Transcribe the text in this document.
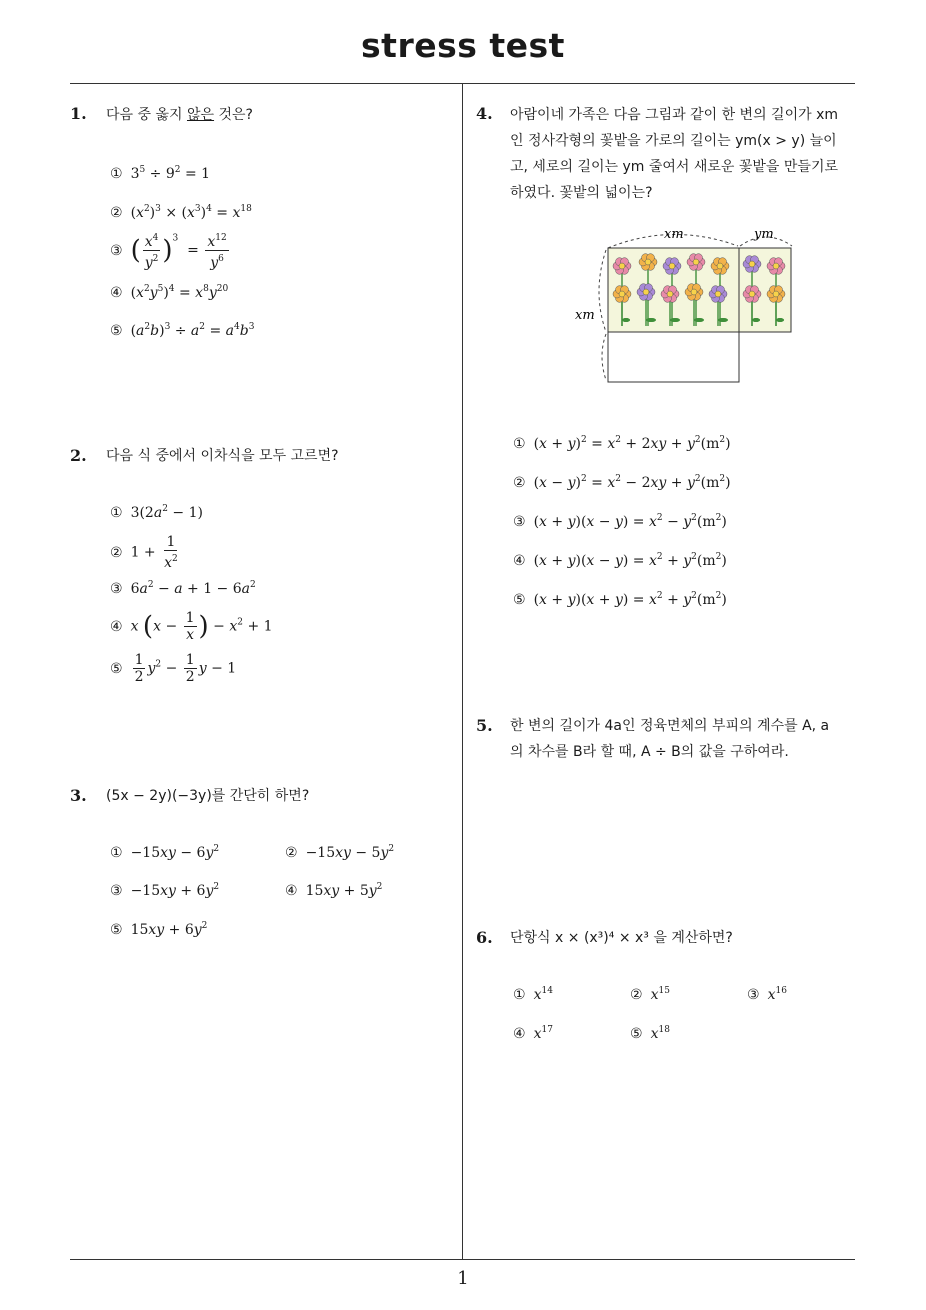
stress test
1
1. 다음 중 옳지 않은 것은?
① $3^5 \div 9^2 = 1$
② $(x^2)^3 \times (x^3)^4 = x^{18}$
③ ( $\frac{x^4}{y^2} )^3 = \frac{x^{12}}{y^6}$
④ $(x^2y^5)^4 = x^8y^{20}$
⑤ $(a^2b)^3 \div a^2 = a^4b^3$
2. 다음 식 중에서 이차식을 모두 고르면?
① $3(2a^2 - 1)$
② $1 + \frac{1}{x^2}$
③ $6a^2 - a + 1 - 6a^2$
④ x ($x - \frac{1}{x}$ ) − $x^2 + 1$
⑤ $\frac{1}{2} y^2 - \frac{1}{2}$ y − 1
3. (5x − 2y)(−3y)를 간단히 하면?
① $-15xy - 6y^2$	② $-15xy - 5y^2$
③ $-15xy + 6y^2$	④ $15xy + 5y^2$
⑤ $15xy + 6y^2$
4. 아람이네 가족은 다음 그림과 같이 한 변의 길이가 xm
인 정사각형의 꽃밭을 가로의 길이는 ym(x > y) 늘이
고, 세로의 길이는 ym 줄여서 새로운 꽃밭을 만들기로
하였다. 꽃밭의 넓이는?
xm	ym
xm
① $(x + y)^2 = x^2 + 2xy + y^2(m^2)$
② $(x - y)^2 = x^2 - 2xy + y^2(m^2)$
③ $(x + y)(x - y) = x^2 - y^2(m^2)$
④ $(x + y)(x - y) = x^2 + y^2(m^2)$
⑤ $(x + y)(x + y) = x^2 + y^2(m^2)$
5. 한 변의 길이가 4a인 정육면체의 부피의 계수를 A, a
의 차수를 B라 할 때, A ÷ B의 값을 구하여라.
6. 단항식 x × (x³)⁴ × x³ 을 계산하면?
① $x^{14}$	② $x^{15}$	③ $x^{16}$
④ $x^{17}$	⑤ $x^{18}$
